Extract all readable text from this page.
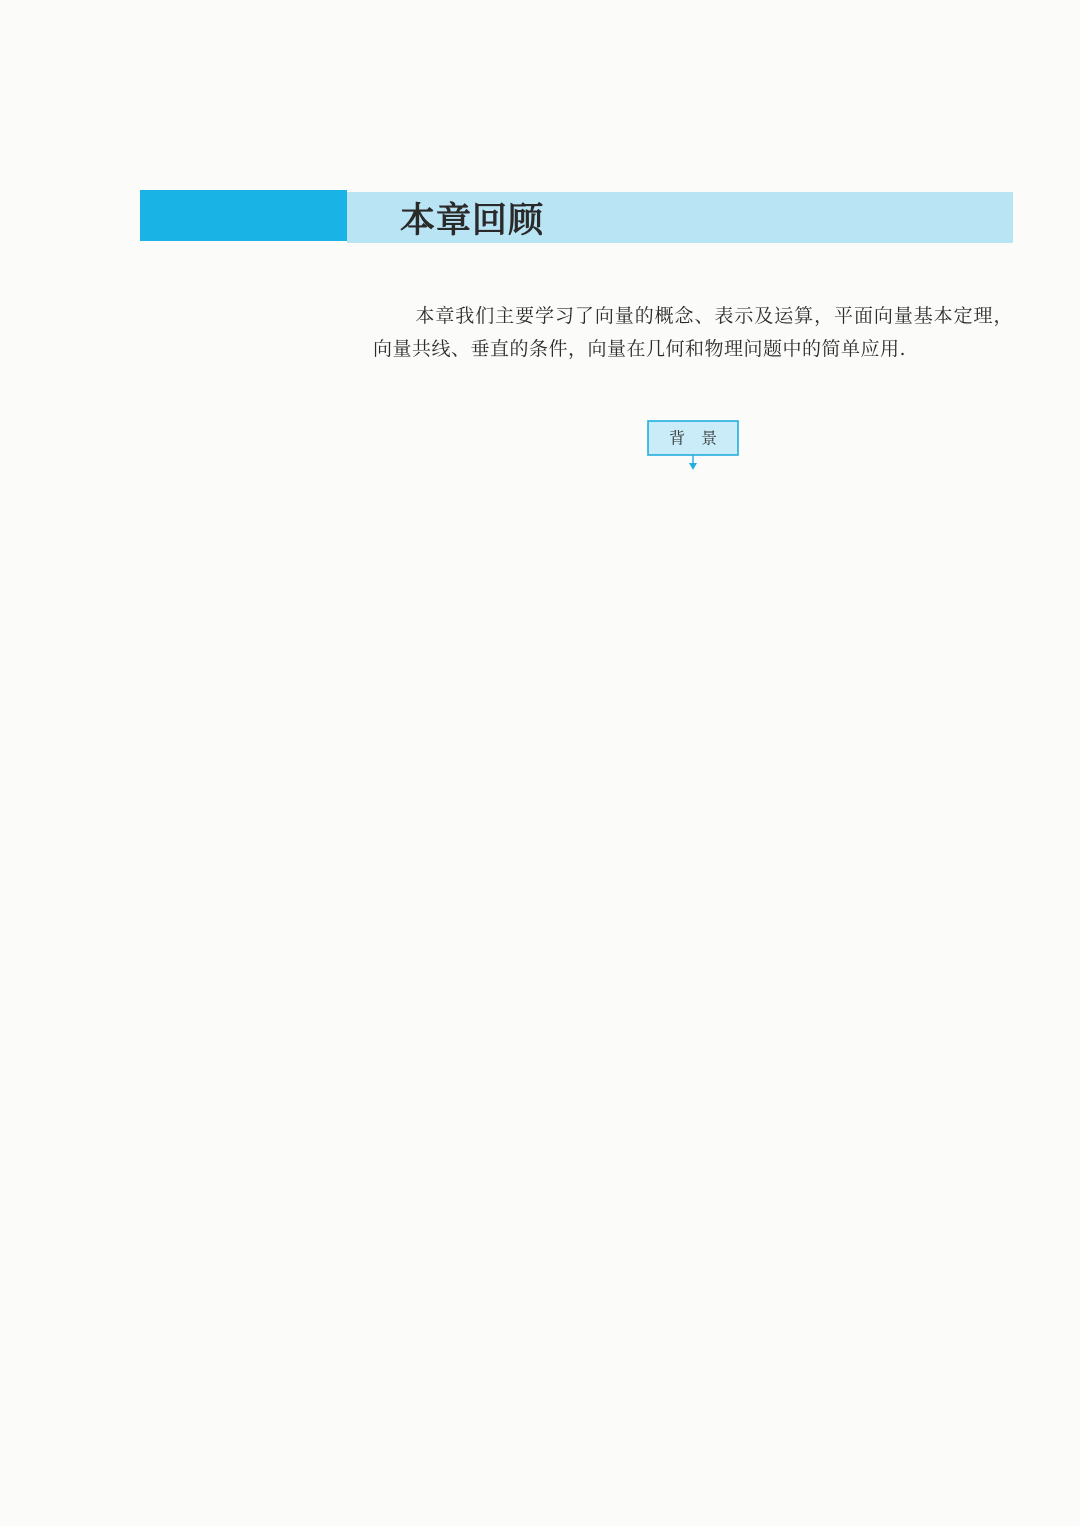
本章回顾

本章我们主要学习了向量的概念、表示及运算，平面向量基本定理，向量共线、垂直的条件，向量在几何和物理问题中的简单应用.

背　景
